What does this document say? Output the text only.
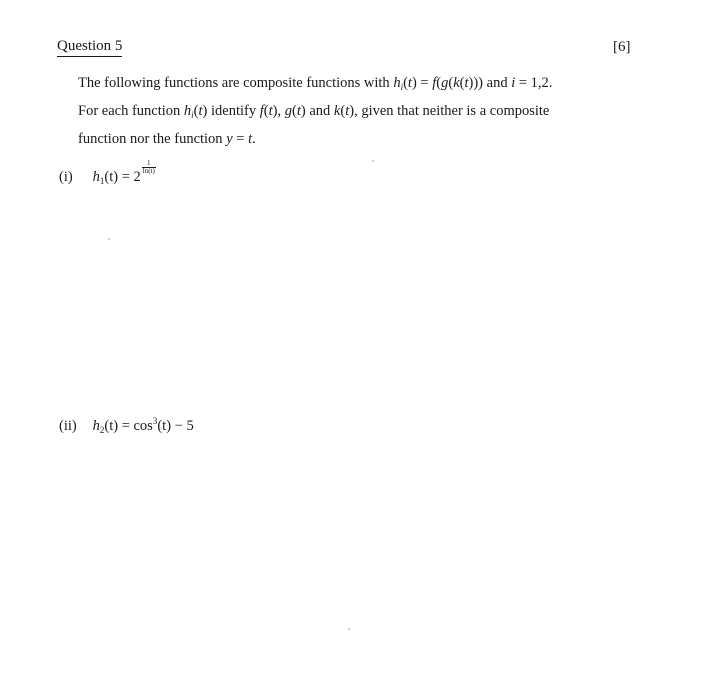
Question 5	[6]

The following functions are composite functions with $h_i(t) = f(g(k(t)))$ and i = 1,2.

For each function $h_i(t)$ identify f(t), g(t) and k(t), given that neither is a composite

function nor the function y = t.

(i) $h_1(t) = 2$
$\frac{1}{\ln(t)}$
(ii) $h_2(t) = \cos^3(t) - 5$
